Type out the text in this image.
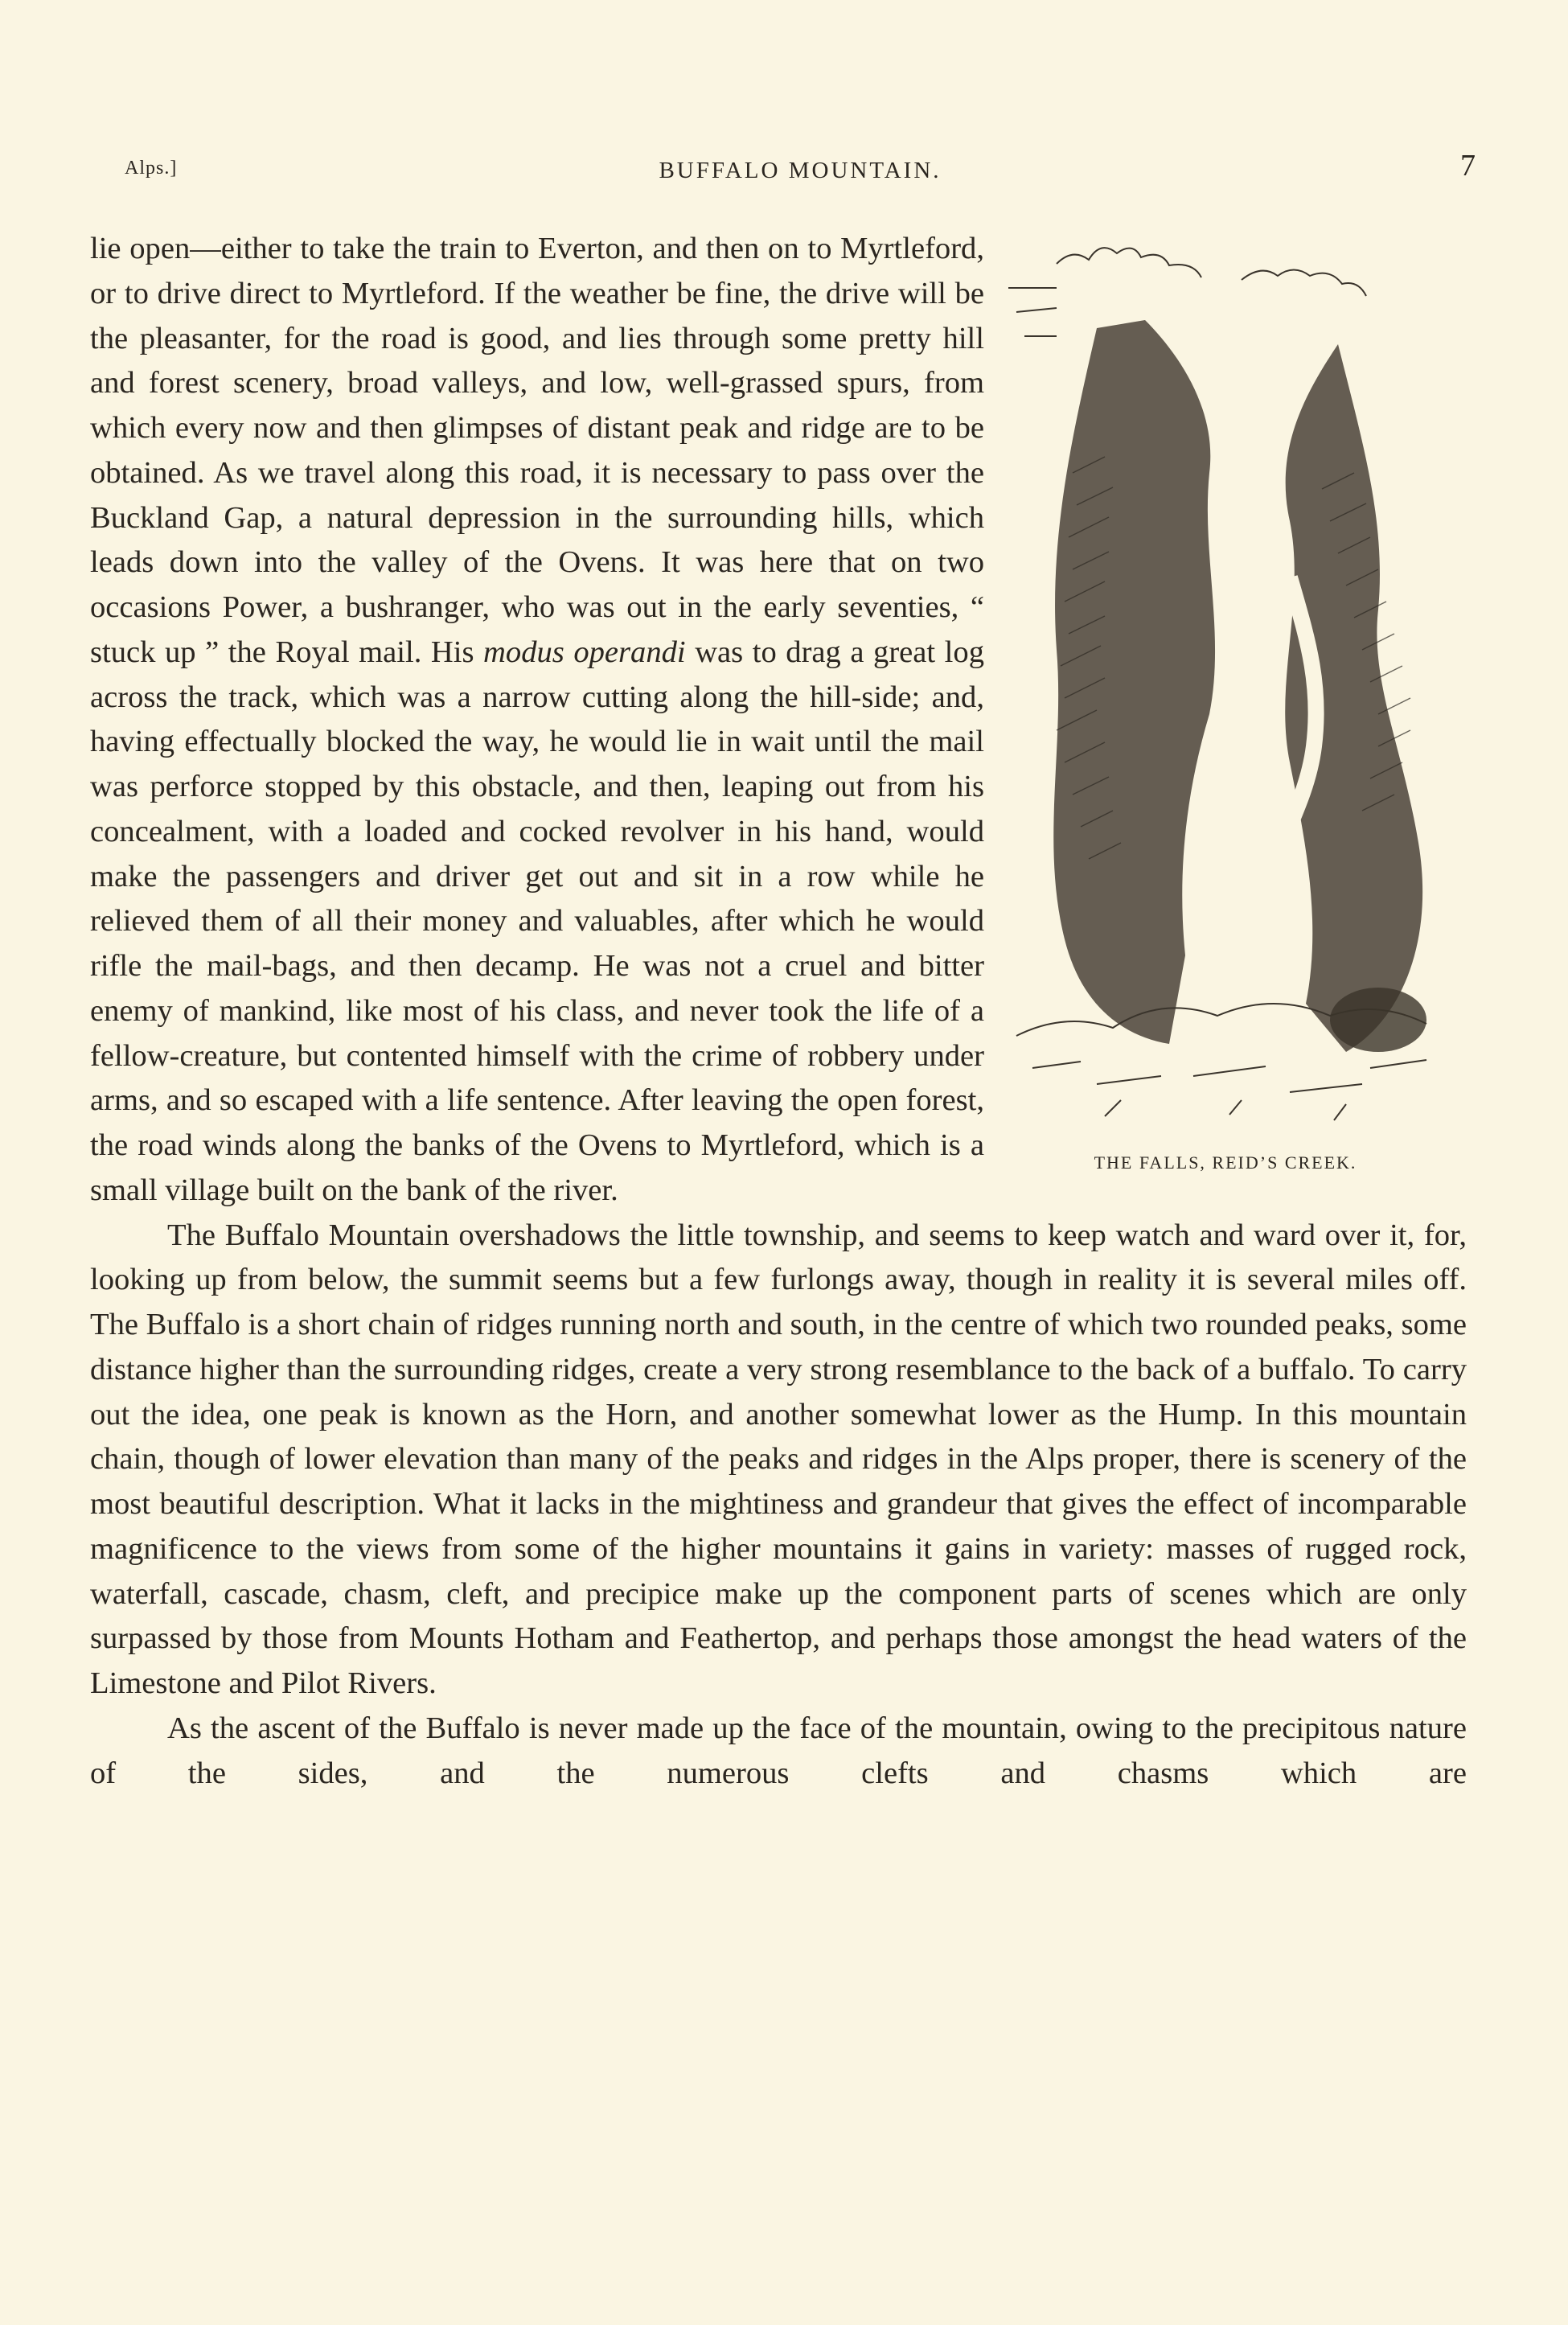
Alps.]	BUFFALO MOUNTAIN.	7
THE FALLS, REID’S CREEK.

lie open—either to take the train to Everton, and then on to Myrtleford, or to drive direct to Myrtleford. If the weather be fine, the drive will be the pleasanter, for the road is good, and lies through some pretty hill and forest scenery, broad valleys, and low, well-grassed spurs, from which every now and then glimpses of distant peak and ridge are to be obtained. As we travel along this road, it is necessary to pass over the Buckland Gap, a natural depression in the surrounding hills, which leads down into the valley of the Ovens. It was here that on two occasions Power, a bushranger, who was out in the early seventies, “ stuck up ” the Royal mail. His modus operandi was to drag a great log across the track, which was a narrow cutting along the hill-side; and, having effectually blocked the way, he would lie in wait until the mail was perforce stopped by this obstacle, and then, leaping out from his concealment, with a loaded and cocked revolver in his hand, would make the passengers and driver get out and sit in a row while he relieved them of all their money and valuables, after which he would rifle the mail-bags, and then decamp. He was not a cruel and bitter enemy of mankind, like most of his class, and never took the life of a fellow-creature, but contented himself with the crime of robbery under arms, and so escaped with a life sentence. After leaving the open forest, the road winds along the banks of the Ovens to Myrtleford, which is a small village built on the bank of the river.

The Buffalo Mountain overshadows the little township, and seems to keep watch and ward over it, for, looking up from below, the summit seems but a few furlongs away, though in reality it is several miles off. The Buffalo is a short chain of ridges running north and south, in the centre of which two rounded peaks, some distance higher than the surrounding ridges, create a very strong resemblance to the back of a buffalo. To carry out the idea, one peak is known as the Horn, and another somewhat lower as the Hump. In this mountain chain, though of lower elevation than many of the peaks and ridges in the Alps proper, there is scenery of the most beautiful description. What it lacks in the mightiness and grandeur that gives the effect of incomparable magnificence to the views from some of the higher mountains it gains in variety: masses of rugged rock, waterfall, cascade, chasm, cleft, and precipice make up the component parts of scenes which are only surpassed by those from Mounts Hotham and Feathertop, and perhaps those amongst the head waters of the Limestone and Pilot Rivers.

As the ascent of the Buffalo is never made up the face of the mountain, owing to the precipitous nature of the sides, and the numerous clefts and chasms which are
